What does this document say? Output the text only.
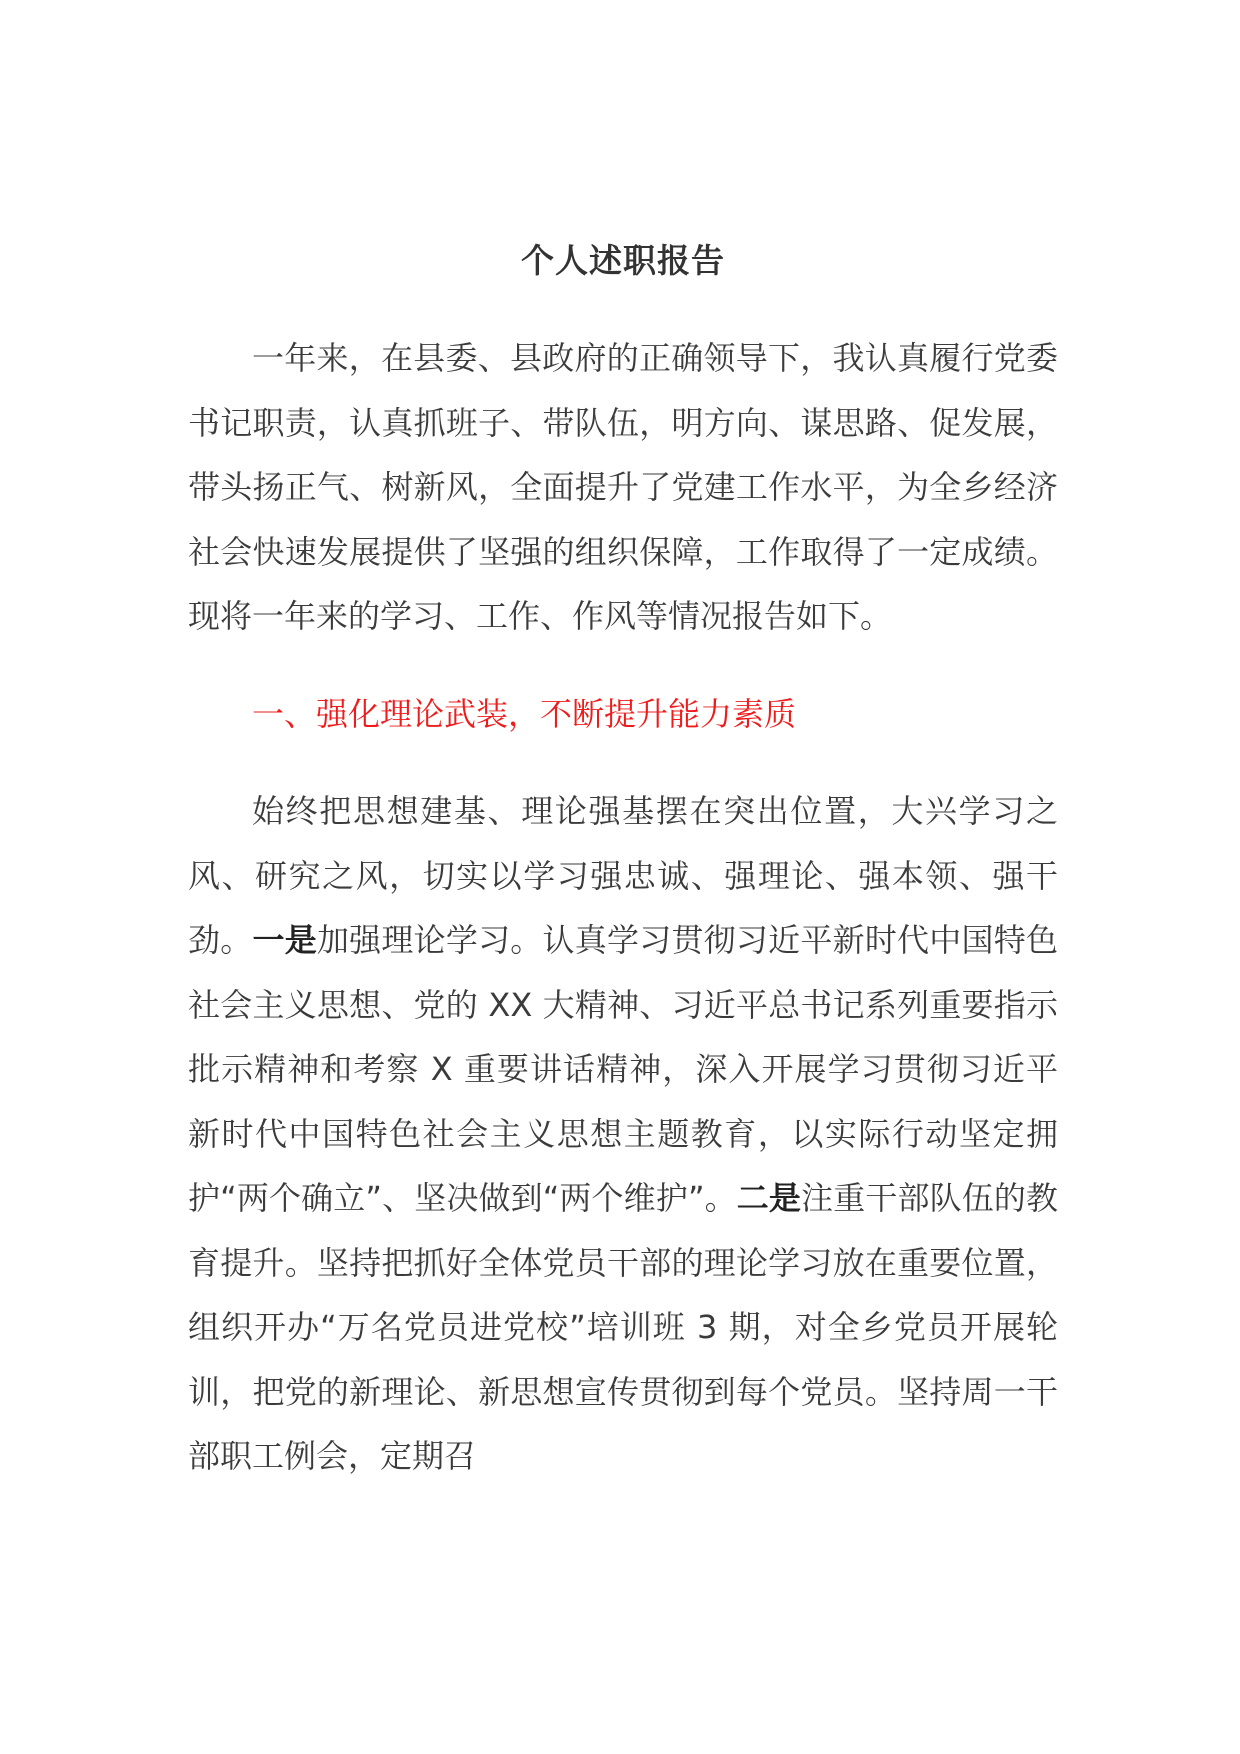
个人述职报告

一年来，在县委、县政府的正确领导下，我认真履行党委书记职责，认真抓班子、带队伍，明方向、谋思路、促发展，带头扬正气、树新风，全面提升了党建工作水平，为全乡经济社会快速发展提供了坚强的组织保障，工作取得了一定成绩。现将一年来的学习、工作、作风等情况报告如下。

一、强化理论武装，不断提升能力素质

始终把思想建基、理论强基摆在突出位置，大兴学习之风、研究之风，切实以学习强忠诚、强理论、强本领、强干劲。一是加强理论学习。认真学习贯彻习近平新时代中国特色社会主义思想、党的 XX 大精神、习近平总书记系列重要指示批示精神和考察 X 重要讲话精神，深入开展学习贯彻习近平新时代中国特色社会主义思想主题教育，以实际行动坚定拥护“两个确立”、坚决做到“两个维护”。二是注重干部队伍的教育提升。坚持把抓好全体党员干部的理论学习放在重要位置，组织开办“万名党员进党校”培训班 3 期，对全乡党员开展轮训，把党的新理论、新思想宣传贯彻到每个党员。坚持周一干部职工例会，定期召
